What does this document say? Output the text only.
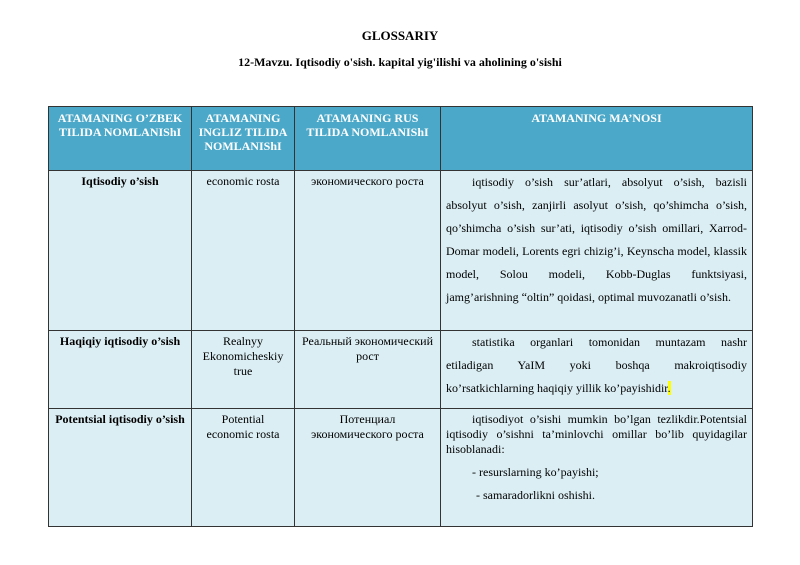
GLOSSARIY
12-Mavzu. Iqtisodiy o'sish. kapital yig'ilishi va aholining o'sishi
ATAMANING O’ZBEK TILIDA NOMLANIShI	ATAMANING INGLIZ TILIDA NOMLANIShI	ATAMANING RUS TILIDA NOMLANIShI	ATAMANING MA’NOSI
Iqtisodiy o’sish	economic rosta	экономического роста	iqtisodiy o’sish sur’atlari, absolyut o’sish, bazisli absolyut o’sish, zanjirli asolyut o’sish, qo’shimcha o’sish, qo’shimcha o’sish sur’ati, iqtisodiy o’sish omillari, Xarrod-Domar modeli, Lorents egri chizig’i, Keynscha model, klassik model, Solou modeli, Kobb-Duglas funktsiyasi, jamg’arishning “oltin” qoidasi, optimal muvozanatli o’sish.

Haqiqiy iqtisodiy o’sish	Realnyy Ekonomicheskiy true	Реальный экономический рост	statistika organlari tomonidan muntazam nashr etiladigan YaIM yoki boshqa makroiqtisodiy ko’rsatkichlarning haqiqiy yillik ko’payishidir.

Potentsial iqtisodiy o’sish	Potential economic rosta	Потенциал экономического роста	iqtisodiyot o’sishi mumkin bo’lgan tezlikdir.Potentsial iqtisodiy o’sishni ta’minlovchi omillar bo’lib quyidagilar hisoblanadi:
- resurslarning ko’payishi;
- samaradorlikni oshishi.
